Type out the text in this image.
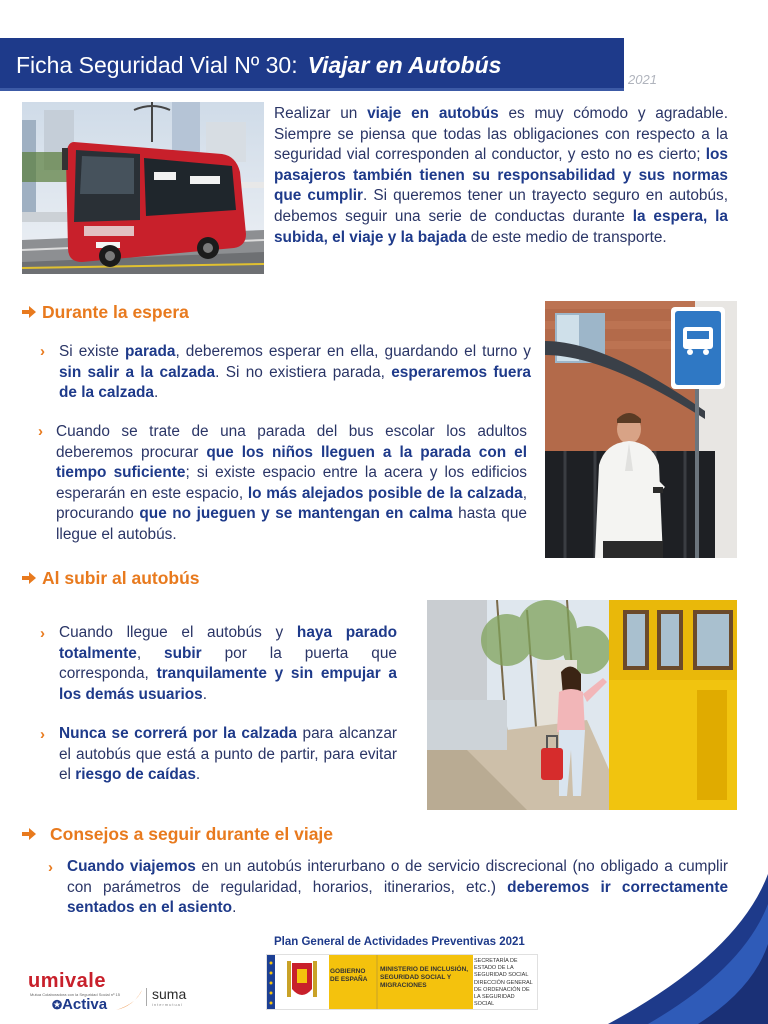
Ficha Seguridad Vial Nº 30: Viajar en Autobús
2021
Realizar un viaje en autobús es muy cómodo y agradable. Siempre se piensa que todas las obligaciones con respecto a la seguridad vial corresponden al conductor, y esto no es cierto; los pasajeros también tienen su responsabilidad y sus normas que cumplir. Si queremos tener un trayecto seguro en autobús, debemos seguir una serie de conductas durante la espera, la subida, el viaje y la bajada de este medio de transporte.
Durante la espera
› Si existe parada, deberemos esperar en ella, guardando el turno y sin salir a la calzada. Si no existiera parada, esperaremos fuera de la calzada.
› Cuando se trate de una parada del bus escolar los adultos deberemos procurar que los niños lleguen a la parada con el tiempo suficiente; si existe espacio entre la acera y los edificios esperarán en este espacio, lo más alejados posible de la calzada, procurando que no jueguen y se mantengan en calma hasta que llegue el autobús.
Al subir al autobús
› Cuando llegue el autobús y haya parado totalmente, subir por la puerta que corresponda, tranquilamente y sin empujar a los demás usuarios.
› Nunca se correrá por la calzada para alcanzar el autobús que está a punto de partir, para evitar el riesgo de caídas.
Consejos a seguir durante el viaje
› Cuando viajemos en un autobús interurbano o de servicio discrecional (no obligado a cumplir con parámetros de regularidad, horarios, itinerarios, etc.) deberemos ir correctamente sentados en el asiento.
Plan General de Actividades Preventivas 2021
GOBIERNO DE ESPAÑA
MINISTERIO DE INCLUSIÓN, SEGURIDAD SOCIAL Y MIGRACIONES
SECRETARÍA DE ESTADO DE LA SEGURIDAD SOCIAL
DIRECCIÓN GENERAL DE ORDENACIÓN DE LA SEGURIDAD SOCIAL
umivale
Mutua Colaboradora con la Seguridad Social nº 15
✪Activa
suma
intermutual
